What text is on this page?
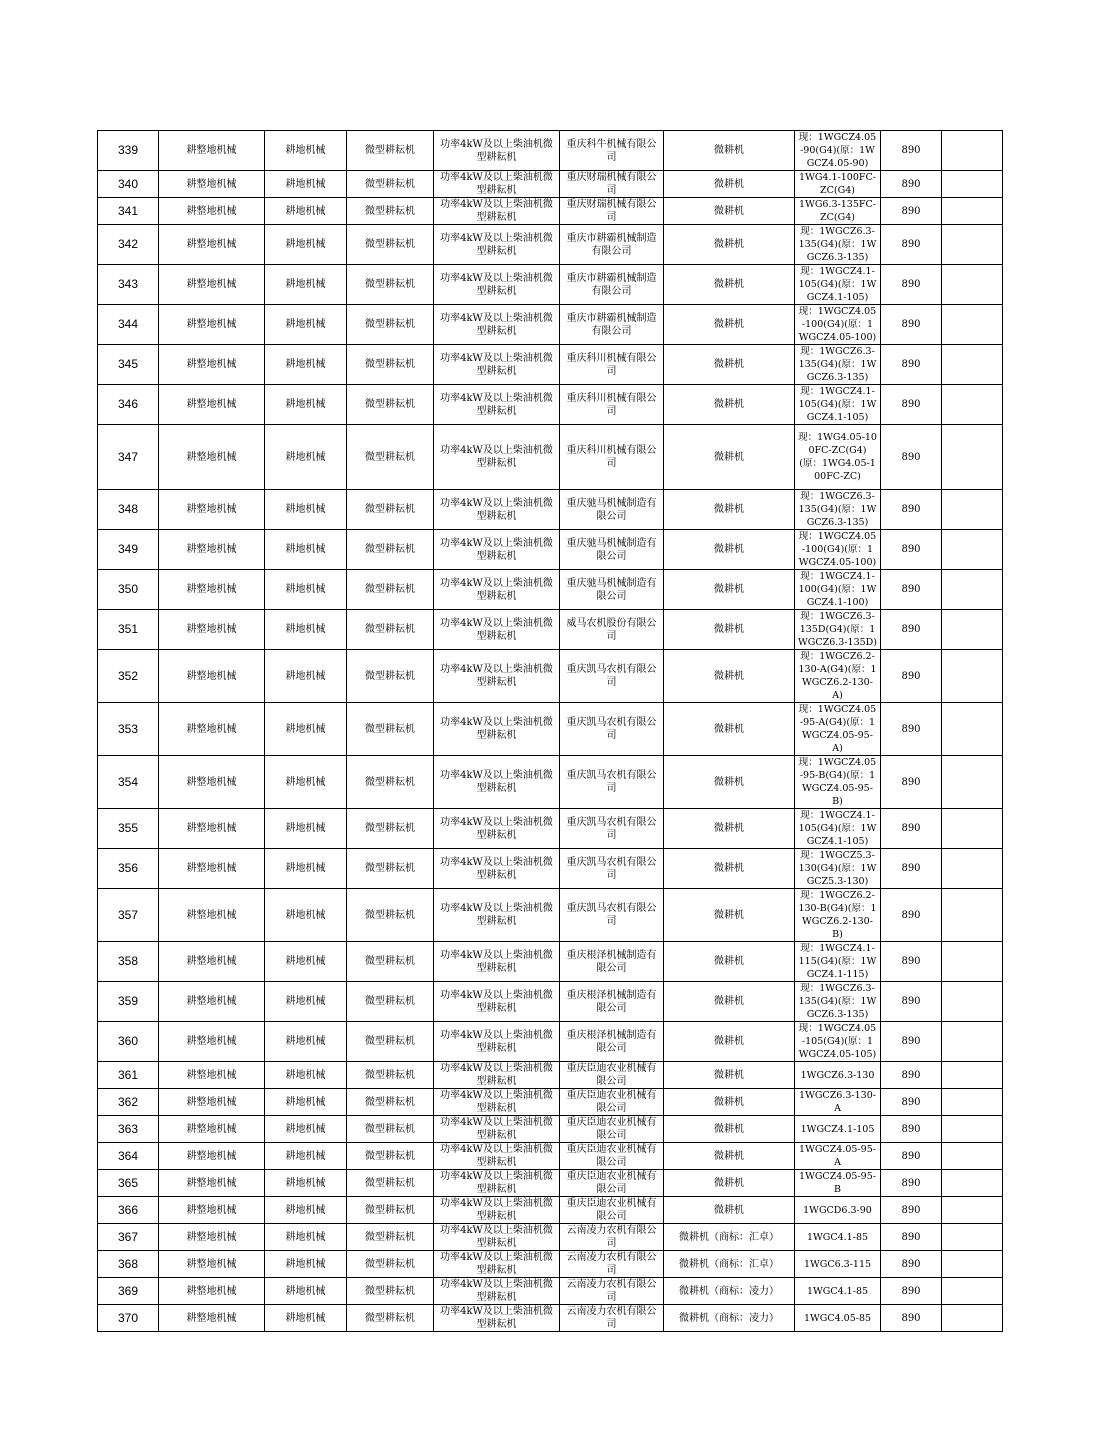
339	耕整地机械	耕地机械	微型耕耘机	功率4kW及以上柴油机微型耕耘机	重庆科牛机械有限公司	微耕机	现：1WGCZ4.05-90(G4)(原：1WGCZ4.05-90)	890	
340	耕整地机械	耕地机械	微型耕耘机	功率4kW及以上柴油机微型耕耘机	重庆财瑞机械有限公司	微耕机	1WG4.1-100FC-ZC(G4)	890	
341	耕整地机械	耕地机械	微型耕耘机	功率4kW及以上柴油机微型耕耘机	重庆财瑞机械有限公司	微耕机	1WG6.3-135FC-ZC(G4)	890	
342	耕整地机械	耕地机械	微型耕耘机	功率4kW及以上柴油机微型耕耘机	重庆市耕霸机械制造有限公司	微耕机	现：1WGCZ6.3-135(G4)(原：1WGCZ6.3-135)	890	
343	耕整地机械	耕地机械	微型耕耘机	功率4kW及以上柴油机微型耕耘机	重庆市耕霸机械制造有限公司	微耕机	现：1WGCZ4.1-105(G4)(原：1WGCZ4.1-105)	890	
344	耕整地机械	耕地机械	微型耕耘机	功率4kW及以上柴油机微型耕耘机	重庆市耕霸机械制造有限公司	微耕机	现：1WGCZ4.05-100(G4)(原：1WGCZ4.05-100)	890	
345	耕整地机械	耕地机械	微型耕耘机	功率4kW及以上柴油机微型耕耘机	重庆科川机械有限公司	微耕机	现：1WGCZ6.3-135(G4)(原：1WGCZ6.3-135)	890	
346	耕整地机械	耕地机械	微型耕耘机	功率4kW及以上柴油机微型耕耘机	重庆科川机械有限公司	微耕机	现：1WGCZ4.1-105(G4)(原：1WGCZ4.1-105)	890	
347	耕整地机械	耕地机械	微型耕耘机	功率4kW及以上柴油机微型耕耘机	重庆科川机械有限公司	微耕机	现：1WG4.05-100FC-ZC(G4)(原：1WG4.05-100FC-ZC)	890	
348	耕整地机械	耕地机械	微型耕耘机	功率4kW及以上柴油机微型耕耘机	重庆驰马机械制造有限公司	微耕机	现：1WGCZ6.3-135(G4)(原：1WGCZ6.3-135)	890	
349	耕整地机械	耕地机械	微型耕耘机	功率4kW及以上柴油机微型耕耘机	重庆驰马机械制造有限公司	微耕机	现：1WGCZ4.05-100(G4)(原：1WGCZ4.05-100)	890	
350	耕整地机械	耕地机械	微型耕耘机	功率4kW及以上柴油机微型耕耘机	重庆驰马机械制造有限公司	微耕机	现：1WGCZ4.1-100(G4)(原：1WGCZ4.1-100)	890	
351	耕整地机械	耕地机械	微型耕耘机	功率4kW及以上柴油机微型耕耘机	威马农机股份有限公司	微耕机	现：1WGCZ6.3-135D(G4)(原：1WGCZ6.3-135D)	890	
352	耕整地机械	耕地机械	微型耕耘机	功率4kW及以上柴油机微型耕耘机	重庆凯马农机有限公司	微耕机	现：1WGCZ6.2-130-A(G4)(原：1WGCZ6.2-130-A)	890	
353	耕整地机械	耕地机械	微型耕耘机	功率4kW及以上柴油机微型耕耘机	重庆凯马农机有限公司	微耕机	现：1WGCZ4.05-95-A(G4)(原：1WGCZ4.05-95-A)	890	
354	耕整地机械	耕地机械	微型耕耘机	功率4kW及以上柴油机微型耕耘机	重庆凯马农机有限公司	微耕机	现：1WGCZ4.05-95-B(G4)(原：1WGCZ4.05-95-B)	890	
355	耕整地机械	耕地机械	微型耕耘机	功率4kW及以上柴油机微型耕耘机	重庆凯马农机有限公司	微耕机	现：1WGCZ4.1-105(G4)(原：1WGCZ4.1-105)	890	
356	耕整地机械	耕地机械	微型耕耘机	功率4kW及以上柴油机微型耕耘机	重庆凯马农机有限公司	微耕机	现：1WGCZ5.3-130(G4)(原：1WGCZ5.3-130)	890	
357	耕整地机械	耕地机械	微型耕耘机	功率4kW及以上柴油机微型耕耘机	重庆凯马农机有限公司	微耕机	现：1WGCZ6.2-130-B(G4)(原：1WGCZ6.2-130-B)	890	
358	耕整地机械	耕地机械	微型耕耘机	功率4kW及以上柴油机微型耕耘机	重庆根泽机械制造有限公司	微耕机	现：1WGCZ4.1-115(G4)(原：1WGCZ4.1-115)	890	
359	耕整地机械	耕地机械	微型耕耘机	功率4kW及以上柴油机微型耕耘机	重庆根泽机械制造有限公司	微耕机	现：1WGCZ6.3-135(G4)(原：1WGCZ6.3-135)	890	
360	耕整地机械	耕地机械	微型耕耘机	功率4kW及以上柴油机微型耕耘机	重庆根泽机械制造有限公司	微耕机	现：1WGCZ4.05-105(G4)(原：1WGCZ4.05-105)	890	
361	耕整地机械	耕地机械	微型耕耘机	功率4kW及以上柴油机微型耕耘机	重庆臣迪农业机械有限公司	微耕机	1WGCZ6.3-130	890	
362	耕整地机械	耕地机械	微型耕耘机	功率4kW及以上柴油机微型耕耘机	重庆臣迪农业机械有限公司	微耕机	1WGCZ6.3-130-A	890	
363	耕整地机械	耕地机械	微型耕耘机	功率4kW及以上柴油机微型耕耘机	重庆臣迪农业机械有限公司	微耕机	1WGCZ4.1-105	890	
364	耕整地机械	耕地机械	微型耕耘机	功率4kW及以上柴油机微型耕耘机	重庆臣迪农业机械有限公司	微耕机	1WGCZ4.05-95-A	890	
365	耕整地机械	耕地机械	微型耕耘机	功率4kW及以上柴油机微型耕耘机	重庆臣迪农业机械有限公司	微耕机	1WGCZ4.05-95-B	890	
366	耕整地机械	耕地机械	微型耕耘机	功率4kW及以上柴油机微型耕耘机	重庆臣迪农业机械有限公司	微耕机	1WGCD6.3-90	890	
367	耕整地机械	耕地机械	微型耕耘机	功率4kW及以上柴油机微型耕耘机	云南凌力农机有限公司	微耕机（商标：汇卓）	1WGC4.1-85	890	
368	耕整地机械	耕地机械	微型耕耘机	功率4kW及以上柴油机微型耕耘机	云南凌力农机有限公司	微耕机（商标：汇卓）	1WGC6.3-115	890	
369	耕整地机械	耕地机械	微型耕耘机	功率4kW及以上柴油机微型耕耘机	云南凌力农机有限公司	微耕机（商标：凌力）	1WGC4.1-85	890	
370	耕整地机械	耕地机械	微型耕耘机	功率4kW及以上柴油机微型耕耘机	云南凌力农机有限公司	微耕机（商标：凌力）	1WGC4.05-85	890	
